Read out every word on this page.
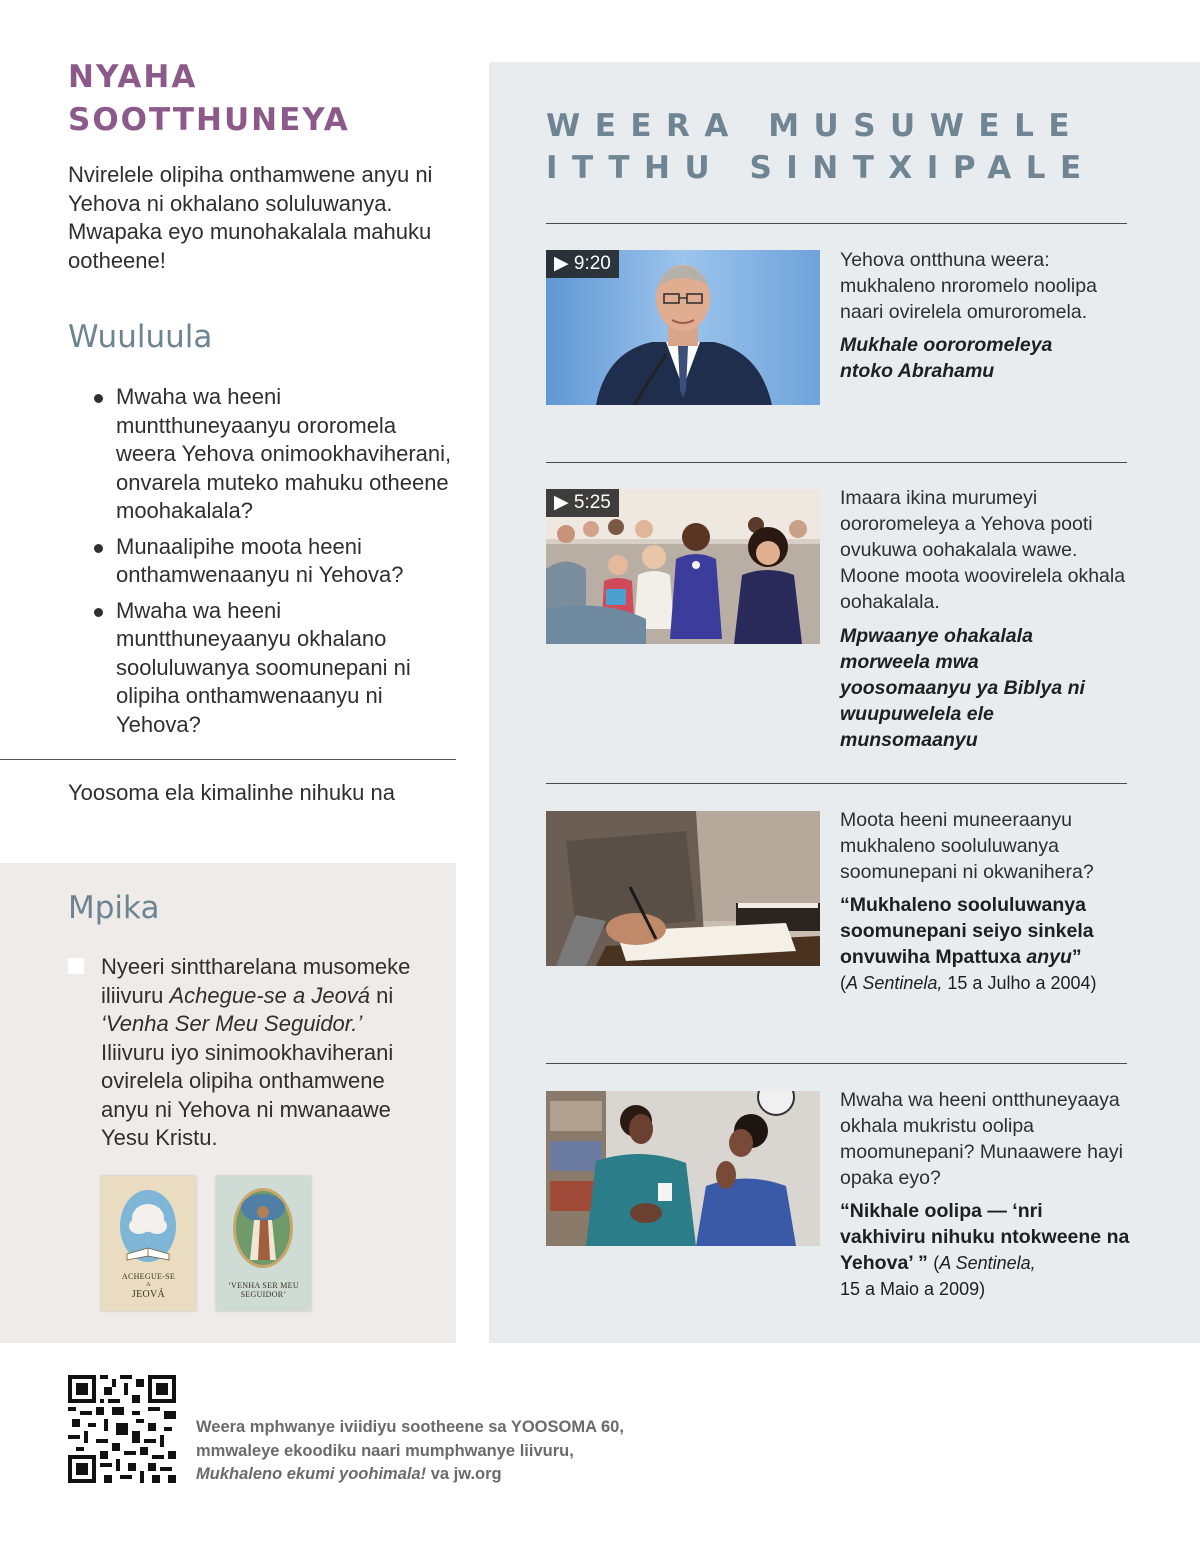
NYAHA SOOTTHUNEYA

Nvirelele olipiha onthamwene anyu ni Yehova ni okhalano soluluwanya. Mwapaka eyo munohakalala mahuku ootheene!

Wuuluula
Mwaha wa heeni muntthuneyaanyu ororomela weera Yehova onimookhaviherani, onvarela muteko mahuku otheene moohakalala?
Munaalipihe moota heeni onthamwenaanyu ni Yehova?
Mwaha wa heeni muntthuneyaanyu okhalano sooluluwanya soomunepani ni olipiha onthamwenaanyu ni Yehova?
Yoosoma ela kimalinhe nihuku na
Mpika

Nyeeri sinttharelana musomeke iliivuru Achegue-se a Jeová ni ‘Venha Ser Meu Seguidor.’ Iliivuru iyo sinimookhaviherani ovirelela olipiha onthamwene anyu ni Yehova ni mwanaawe Yesu Kristu.

ACHEGUE-SE
A
JEOVÁ
‘VENHA SER MEU
SEGUIDOR’
WEERA MUSUWELE
ITTHU SINTXIPALE
▶ 9:20	Yehova ontthuna weera: mukhaleno nroromelo noolipa naari ovirelela omuroromela.

Mukhale oororomeleya ntoko Abrahamu

▶ 5:25	Imaara ikina murumeyi oororomeleya a Yehova pooti ovukuwa oohakalala wawe. Moone moota woovirelela okhala oohakalala.

Mpwaanye ohakalala morweela mwa yoosomaanyu ya Biblya ni wuupuwelela ele munsomaanyu

Moota heeni muneeraanyu mukhaleno sooluluwanya soomunepani ni okwanihera?

“Mukhaleno sooluluwanya soomunepani seiyo sinkela onvuwiha Mpattuxa anyu”
(A Sentinela, 15 a Julho a 2004)

Mwaha wa heeni ontthuneyaaya okhala mukristu oolipa moomunepani? Munaawere hayi opaka eyo?

“Nikhale oolipa — ‘nri vakhiviru nihuku ntokweene na Yehova’ ” (A Sentinela,
15 a Maio a 2009)

Weera mphwanye iviidiyu sootheene sa YOOSOMA 60,
mmwaleye ekoodiku naari mumphwanye liivuru,
Mukhaleno ekumi yoohimala! va jw.org
